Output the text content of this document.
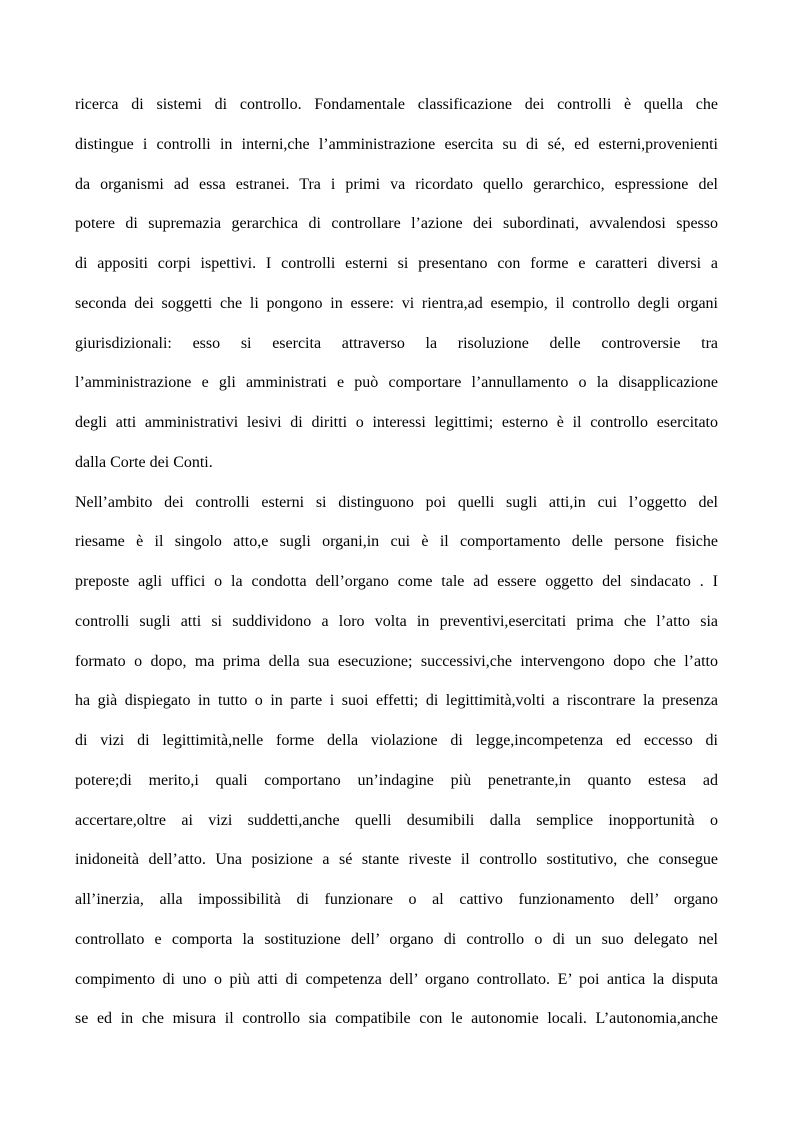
ricerca di sistemi di controllo. Fondamentale classificazione dei controlli è quella che
distingue i controlli in interni,che l’amministrazione esercita su di sé, ed esterni,provenienti
da organismi ad essa estranei. Tra i primi va ricordato quello gerarchico, espressione del
potere di supremazia gerarchica di controllare l’azione dei subordinati, avvalendosi spesso
di appositi corpi ispettivi. I controlli esterni si presentano con forme e caratteri diversi a
seconda dei soggetti che li pongono in essere: vi rientra,ad esempio, il controllo degli organi
giurisdizionali: esso si esercita attraverso la risoluzione delle controversie tra
l’amministrazione e gli amministrati e può comportare l’annullamento o la disapplicazione
degli atti amministrativi lesivi di diritti o interessi legittimi; esterno è il controllo esercitato
dalla Corte dei Conti.
Nell’ambito dei controlli esterni si distinguono poi quelli sugli atti,in cui l’oggetto del
riesame è il singolo atto,e sugli organi,in cui è il comportamento delle persone fisiche
preposte agli uffici o la condotta dell’organo come tale ad essere oggetto del sindacato . I
controlli sugli atti si suddividono a loro volta in preventivi,esercitati prima che l’atto sia
formato o dopo, ma prima della sua esecuzione; successivi,che intervengono dopo che l’atto
ha già dispiegato in tutto o in parte i suoi effetti; di legittimità,volti a riscontrare la presenza
di vizi di legittimità,nelle forme della violazione di legge,incompetenza ed eccesso di
potere;di merito,i quali comportano un’indagine più penetrante,in quanto estesa ad
accertare,oltre ai vizi suddetti,anche quelli desumibili dalla semplice inopportunità o
inidoneità dell’atto. Una posizione a sé stante riveste il controllo sostitutivo, che consegue
all’inerzia, alla impossibilità di funzionare o al cattivo funzionamento dell’ organo
controllato e comporta la sostituzione dell’ organo di controllo o di un suo delegato nel
compimento di uno o più atti di competenza dell’ organo controllato. E’ poi antica la disputa
se ed in che misura il controllo sia compatibile con le autonomie locali. L’autonomia,anche
